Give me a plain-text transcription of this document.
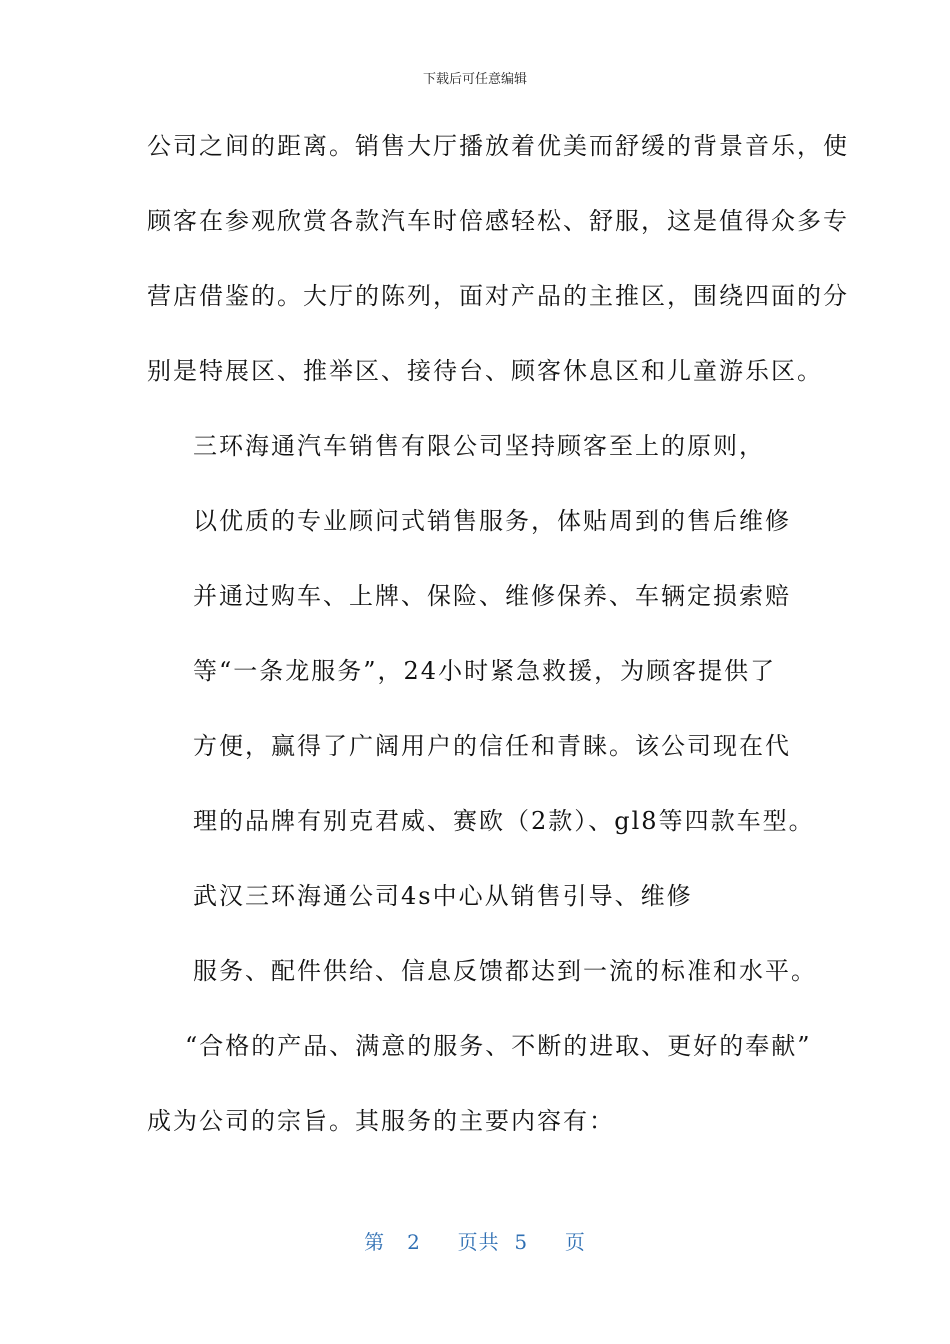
下载后可任意编辑
公司之间的距离。销售大厅播放着优美而舒缓的背景音乐，使
顾客在参观欣赏各款汽车时倍感轻松、舒服，这是值得众多专
营店借鉴的。大厅的陈列，面对产品的主推区，围绕四面的分
别是特展区、推举区、接待台、顾客休息区和儿童游乐区。
三环海通汽车销售有限公司坚持顾客至上的原则，
以优质的专业顾问式销售服务，体贴周到的售后维修
并通过购车、上牌、保险、维修保养、车辆定损索赔
等“一条龙服务”，24小时紧急救援，为顾客提供了
方便，赢得了广阔用户的信任和青睐。该公司现在代
理的品牌有别克君威、赛欧（2款）、gl8等四款车型。
武汉三环海通公司4s中心从销售引导、维修
服务、配件供给、信息反馈都达到一流的标准和水平。
“合格的产品、满意的服务、不断的进取、更好的奉献”
成为公司的宗旨。其服务的主要内容有：
第 2 页共 5 页
